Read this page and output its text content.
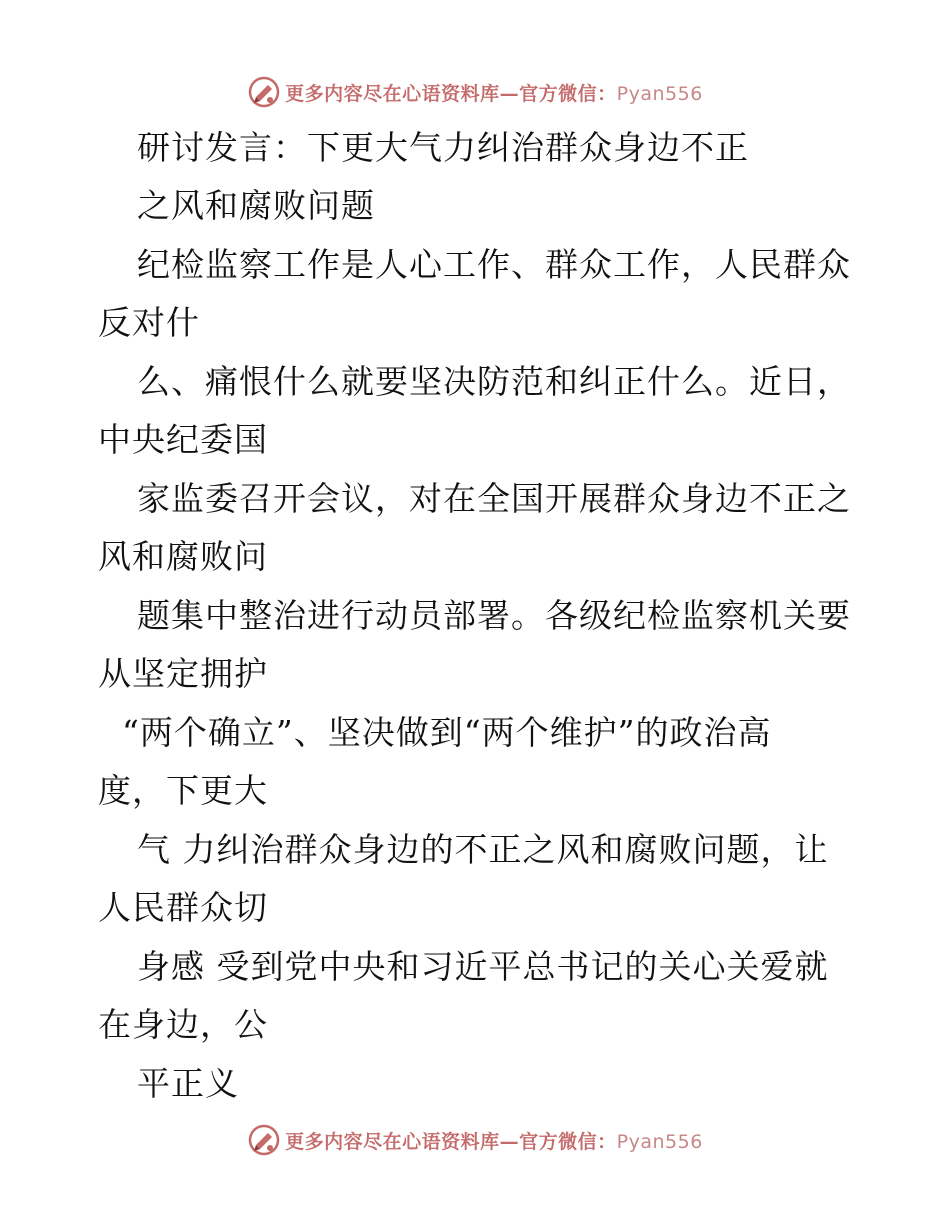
更多内容尽在心语资料库—官方微信：Pyan556
研讨发言：下更大气力纠治群众身边不正
之风和腐败问题
纪检监察工作是人心工作、群众工作，人民群众
反对什
么、痛恨什么就要坚决防范和纠正什么。近日，
中央纪委国
家监委召开会议，对在全国开展群众身边不正之
风和腐败问
题集中整治进行动员部署。各级纪检监察机关要
从坚定拥护
“两个确立”、坚决做到“两个维护”的政治高
度，下更大
气 力纠治群众身边的不正之风和腐败问题，让
人民群众切
身感 受到党中央和习近平总书记的关心关爱就
在身边，公
平正义
更多内容尽在心语资料库—官方微信：Pyan556
